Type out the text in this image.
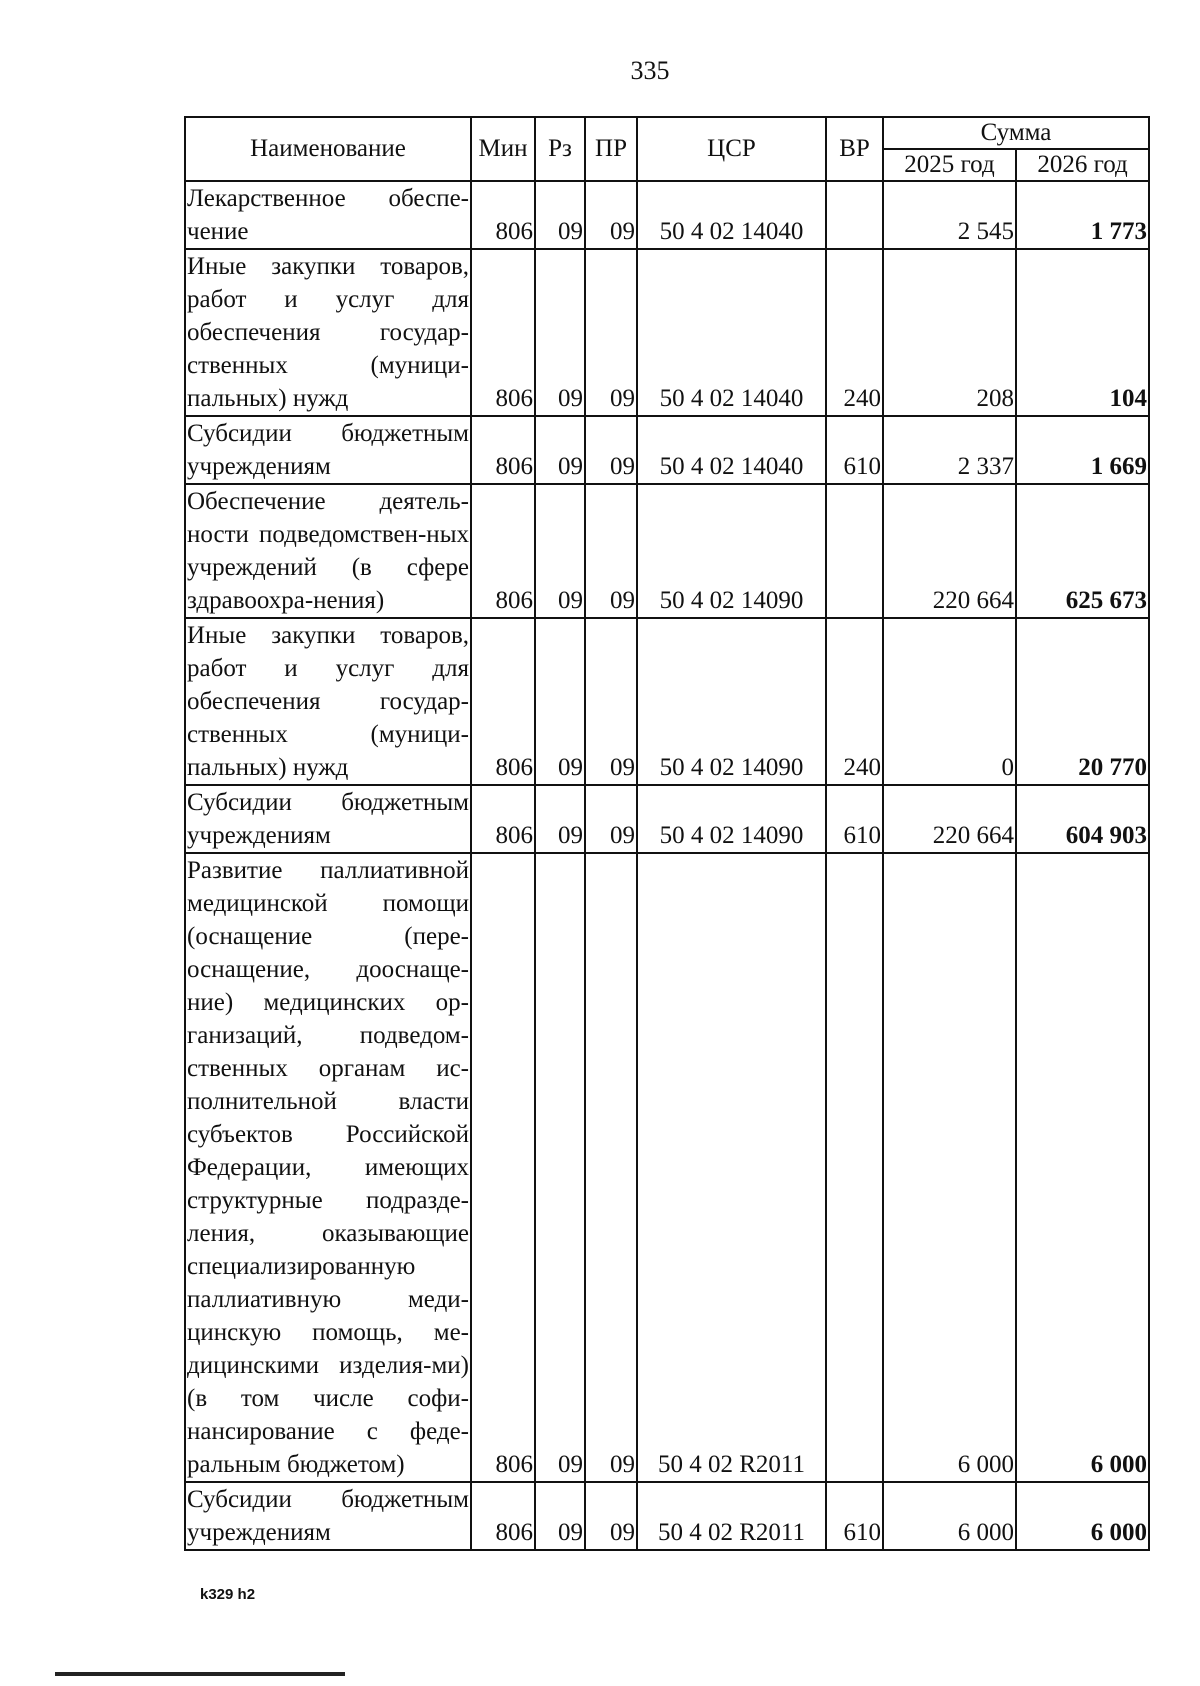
335
Наименование	Мин	Рз	ПР	ЦСР	ВР	Сумма	
						2025 год	2026 год
Лекарственное обеспе-чение	806	09	09	50 4 02 14040		2 545	1 773
Иные закупки товаров, работ и услуг для обеспечения государ-ственных (муници-пальных) нужд	806	09	09	50 4 02 14040	240	208	104
Субсидии бюджетным учреждениям	806	09	09	50 4 02 14040	610	2 337	1 669
Обеспечение деятель-ности подведомствен-ных учреждений (в сфере здравоохра-нения)	806	09	09	50 4 02 14090		220 664	625 673
Иные закупки товаров, работ и услуг для обеспечения государ-ственных (муници-пальных) нужд	806	09	09	50 4 02 14090	240	0	20 770
Субсидии бюджетным учреждениям	806	09	09	50 4 02 14090	610	220 664	604 903
Развитие паллиативной медицинской помощи (оснащение (пере-оснащение, дооснаще-ние) медицинских ор-ганизаций, подведом-ственных органам ис-полнительной власти субъектов Российской Федерации, имеющих структурные подразде-ления, оказывающие специализированную паллиативную меди-цинскую помощь, ме-дицинскими изделия-ми) (в том числе софи-нансирование с феде-ральным бюджетом)	806	09	09	50 4 02 R2011		6 000	6 000
Субсидии бюджетным учреждениям	806	09	09	50 4 02 R2011	610	6 000	6 000
k329 h2
